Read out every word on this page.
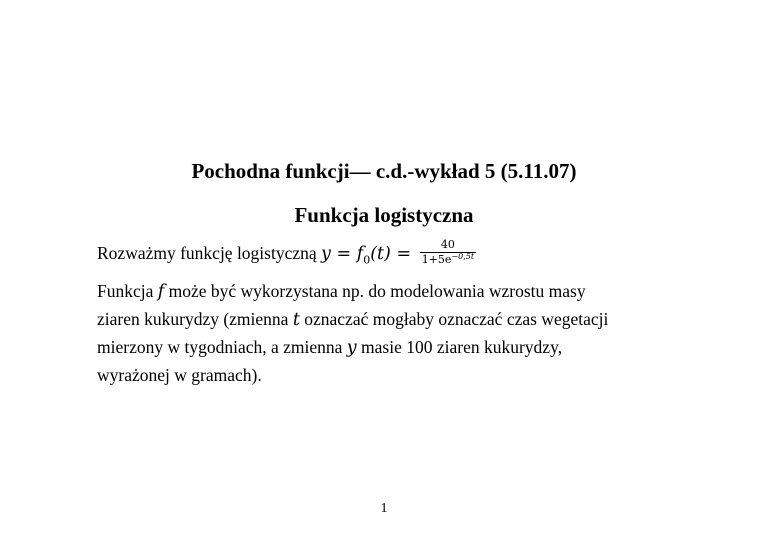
Pochodna funkcji— c.d.-wykład 5 (5.11.07)
Funkcja logistyczna
Rozważmy funkcję logistyczną $y = f_0(t) = \frac{40}{1+5e^{-0,5t}}$
Funkcja f może być wykorzystana np. do modelowania wzrostu masy
ziaren kukurydzy (zmienna t oznaczać mogłaby oznaczać czas wegetacji
mierzony w tygodniach, a zmienna y masie 100 ziaren kukurydzy,
wyrażonej w gramach).
1
